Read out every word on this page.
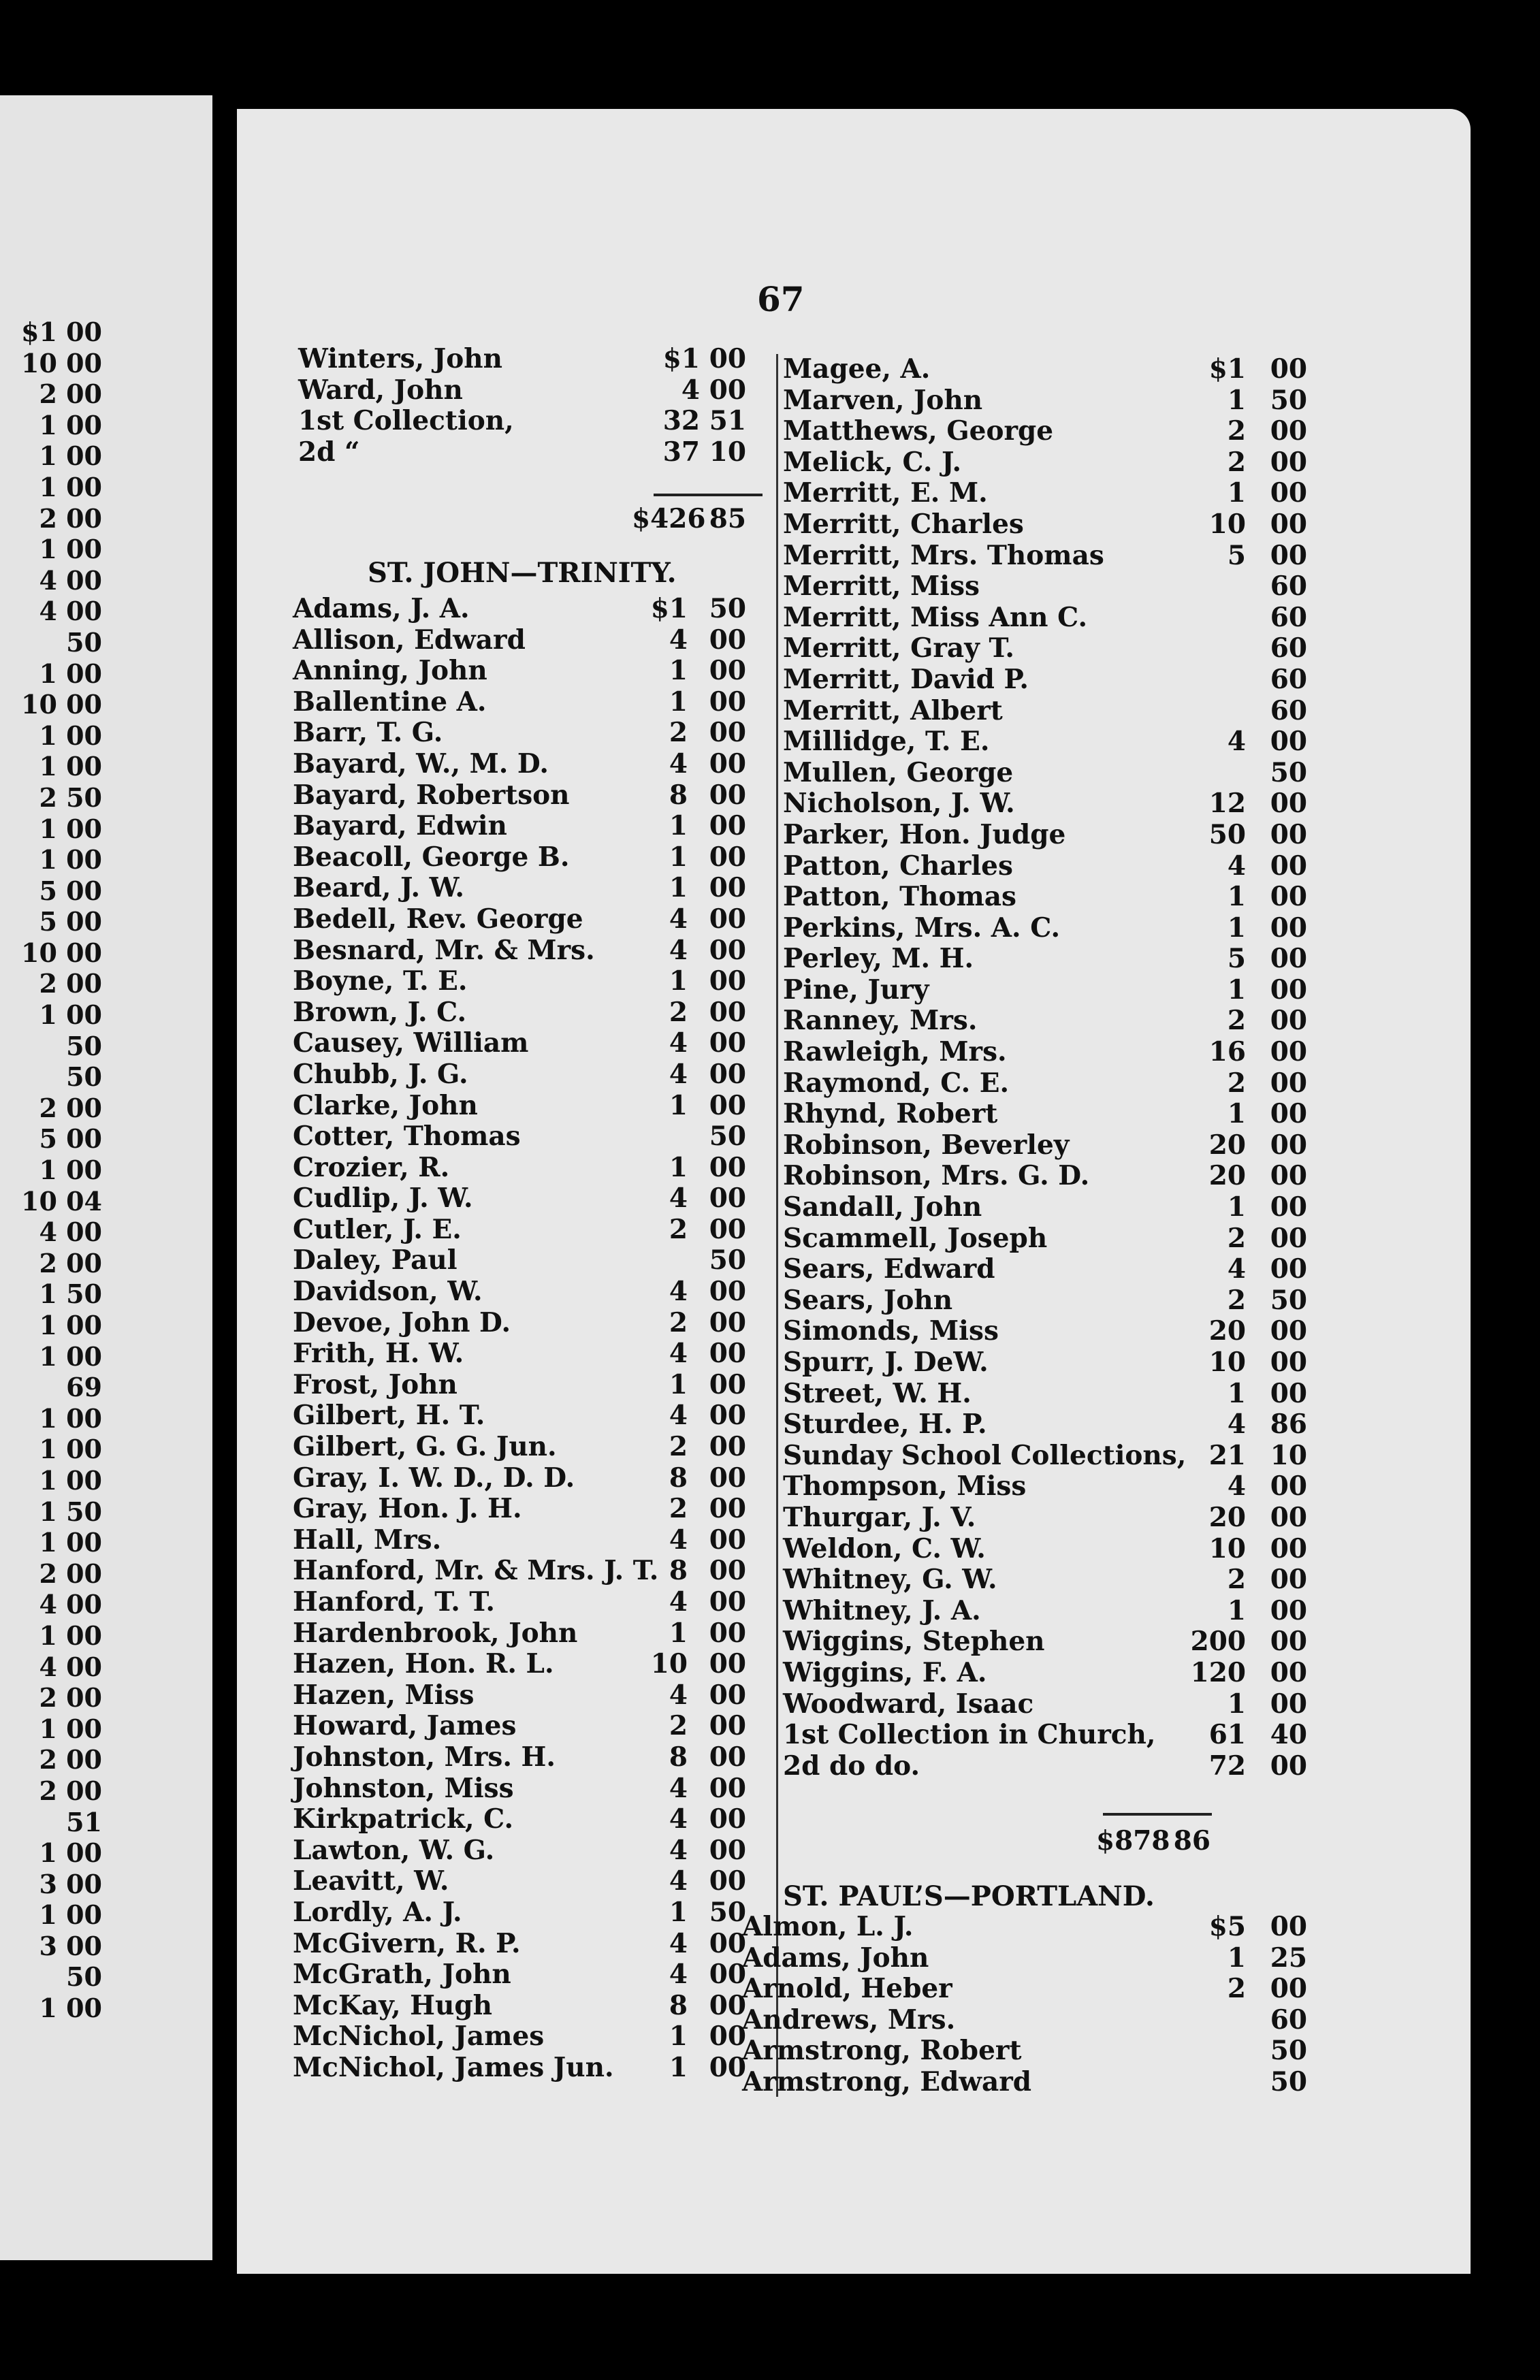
$1 00
10 00
2 00
1 00
1 00
1 00
2 00
1 00
4 00
4 00
50
1 00
10 00
1 00
1 00
2 50
1 00
1 00
5 00
5 00
10 00
2 00
1 00
50
50
2 00
5 00
1 00
10 04
4 00
2 00
1 50
1 00
1 00
69
1 00
1 00
1 00
1 50
1 00
2 00
4 00
1 00
4 00
2 00
1 00
2 00
2 00
51
1 00
3 00
1 00
3 00
50
1 00
67
Winters, John	$1 00
Ward, John	4 00
1st Collection,	32 51
2d “	37 10
$426 85
ST. JOHN—TRINITY.
Adams, J. A.	$1 50
Allison, Edward	4 00
Anning, John	1 00
Ballentine A.	1 00
Barr, T. G.	2 00
Bayard, W., M. D.	4 00
Bayard, Robertson	8 00
Bayard, Edwin	1 00
Beacoll, George B.	1 00
Beard, J. W.	1 00
Bedell, Rev. George	4 00
Besnard, Mr. & Mrs.	4 00
Boyne, T. E.	1 00
Brown, J. C.	2 00
Causey, William	4 00
Chubb, J. G.	4 00
Clarke, John	1 00
Cotter, Thomas	50
Crozier, R.	1 00
Cudlip, J. W.	4 00
Cutler, J. E.	2 00
Daley, Paul	50
Davidson, W.	4 00
Devoe, John D.	2 00
Frith, H. W.	4 00
Frost, John	1 00
Gilbert, H. T.	4 00
Gilbert, G. G. Jun.	2 00
Gray, I. W. D., D. D.	8 00
Gray, Hon. J. H.	2 00
Hall, Mrs.	4 00
Hanford, Mr. & Mrs. J. T. 8 00
Hanford, T. T.	4 00
Hardenbrook, John	1 00
Hazen, Hon. R. L.	10 00
Hazen, Miss	4 00
Howard, James	2 00
Johnston, Mrs. H.	8 00
Johnston, Miss	4 00
Kirkpatrick, C.	4 00
Lawton, W. G.	4 00
Leavitt, W.	4 00
Lordly, A. J.	1 50
McGivern, R. P.	4 00
McGrath, John	4 00
McKay, Hugh	8 00
McNichol, James	1 00
McNichol, James Jun.	1 00
Magee, A.	$1 00
Marven, John	1 50
Matthews, George	2 00
Melick, C. J.	2 00
Merritt, E. M.	1 00
Merritt, Charles	10 00
Merritt, Mrs. Thomas	5 00
Merritt, Miss	60
Merritt, Miss Ann C.	60
Merritt, Gray T.	60
Merritt, David P.	60
Merritt, Albert	60
Millidge, T. E.	4 00
Mullen, George	50
Nicholson, J. W.	12 00
Parker, Hon. Judge	50 00
Patton, Charles	4 00
Patton, Thomas	1 00
Perkins, Mrs. A. C.	1 00
Perley, M. H.	5 00
Pine, Jury	1 00
Ranney, Mrs.	2 00
Rawleigh, Mrs.	16 00
Raymond, C. E.	2 00
Rhynd, Robert	1 00
Robinson, Beverley	20 00
Robinson, Mrs. G. D.	20 00
Sandall, John	1 00
Scammell, Joseph	2 00
Sears, Edward	4 00
Sears, John	2 50
Simonds, Miss	20 00
Spurr, J. DeW.	10 00
Street, W. H.	1 00
Sturdee, H. P.	4 86
Sunday School Collections, 21 10
Thompson, Miss	4 00
Thurgar, J. V.	20 00
Weldon, C. W.	10 00
Whitney, G. W.	2 00
Whitney, J. A.	1 00
Wiggins, Stephen	200 00
Wiggins, F. A.	120 00
Woodward, Isaac	1 00
1st Collection in Church,	61 40
2d do do.	72 00
$878 86
ST. PAUL’S—PORTLAND.
Almon, L. J.	$5 00
Adams, John	1 25
Arnold, Heber	2 00
Andrews, Mrs.	60
Armstrong, Robert	50
Armstrong, Edward	50
